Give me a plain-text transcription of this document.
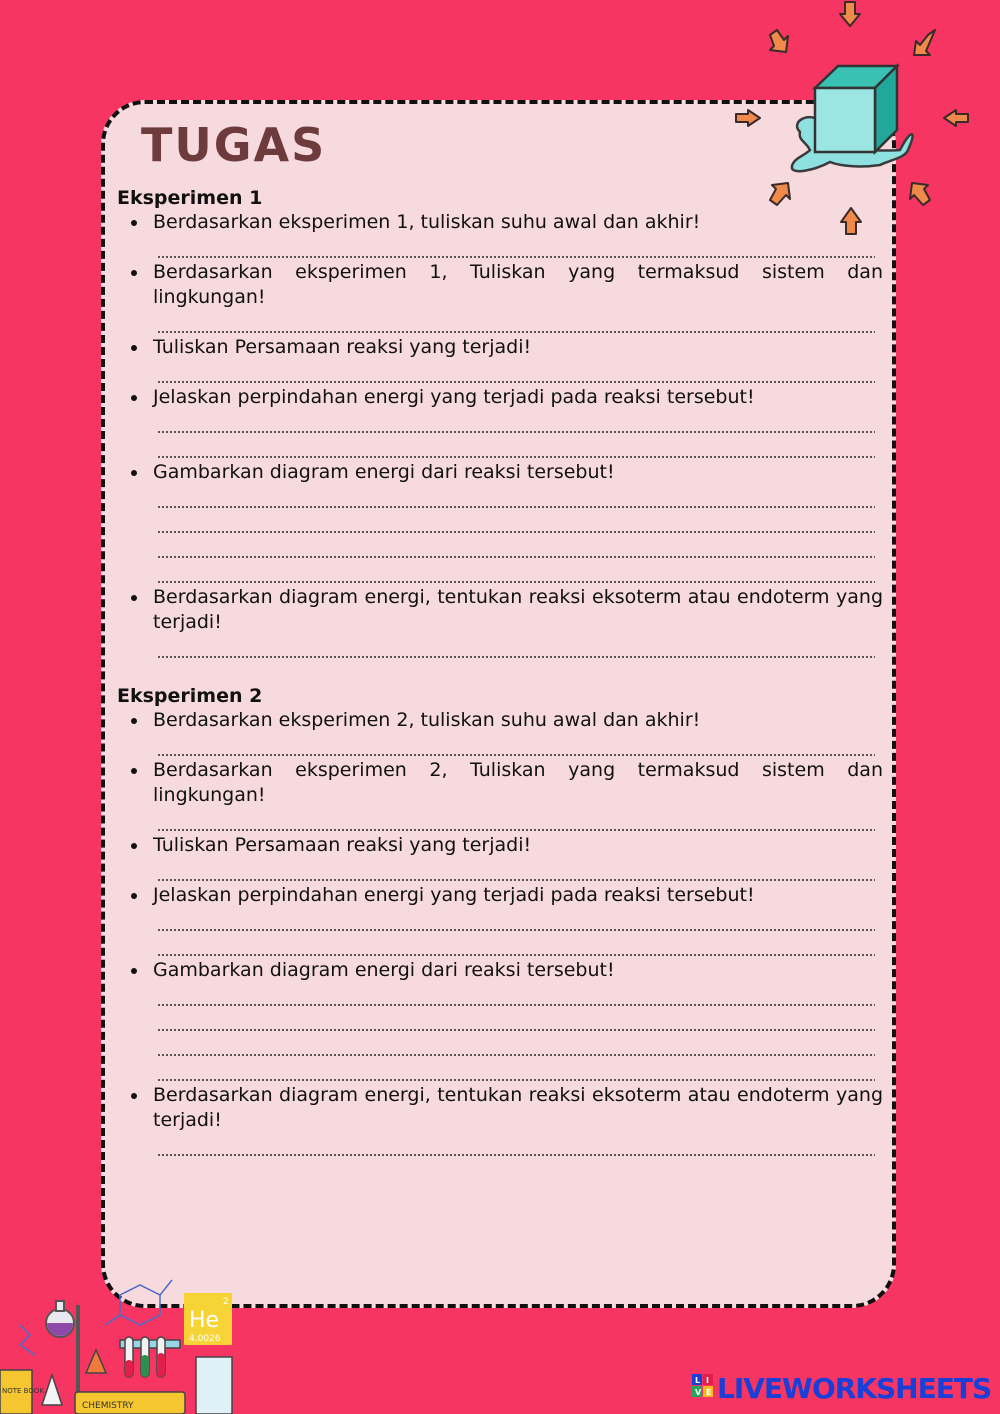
TUGAS
Eksperimen 1
Berdasarkan eksperimen 1, tuliskan suhu awal dan akhir!
Berdasarkan eksperimen 1, Tuliskan yang termaksud sistem dan lingkungan!
Tuliskan Persamaan reaksi yang terjadi!
Jelaskan perpindahan energi yang terjadi pada reaksi tersebut!
Gambarkan diagram energi dari reaksi tersebut!
Berdasarkan diagram energi, tentukan reaksi eksoterm atau endoterm yang terjadi!
Eksperimen 2
Berdasarkan eksperimen 2, tuliskan suhu awal dan akhir!
Berdasarkan eksperimen 2, Tuliskan yang termaksud sistem dan lingkungan!
Tuliskan Persamaan reaksi yang terjadi!
Jelaskan perpindahan energi yang terjadi pada reaksi tersebut!
Gambarkan diagram energi dari reaksi tersebut!
Berdasarkan diagram energi, tentukan reaksi eksoterm atau endoterm yang terjadi!
2
He
4.0026
NOTE BOOK
CHEMISTRY
L I
V E LIVEWORKSHEETS
